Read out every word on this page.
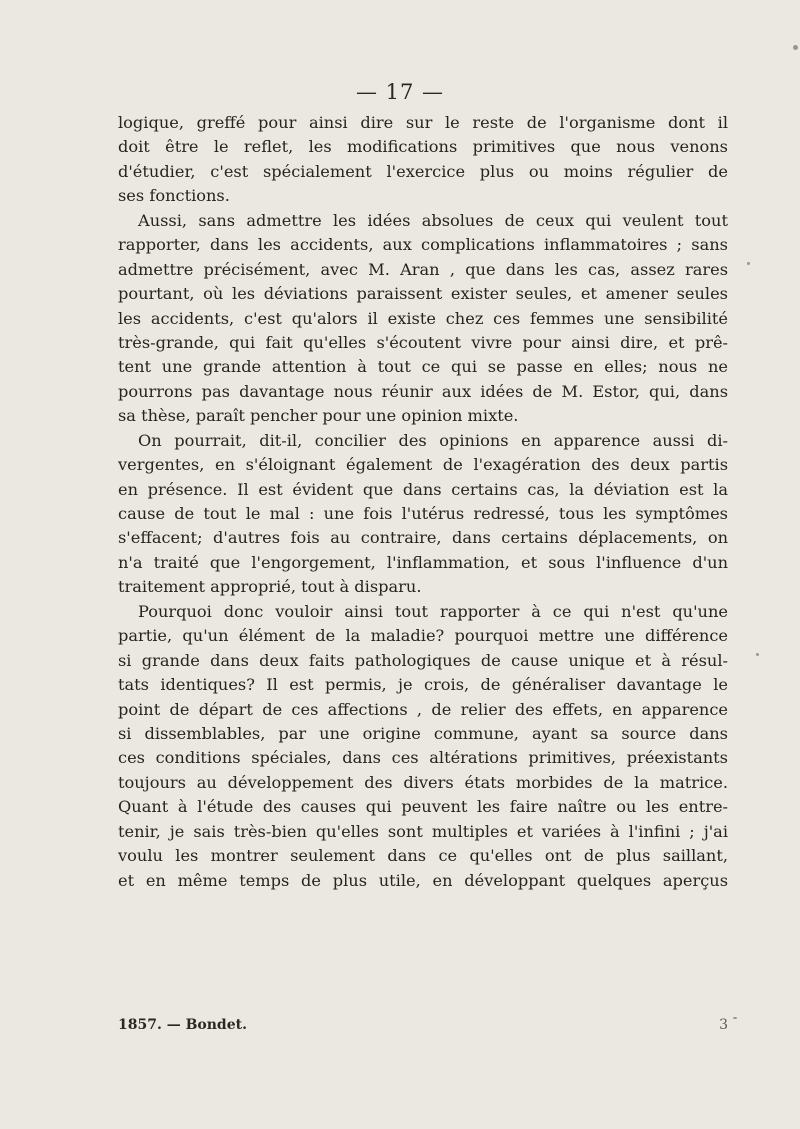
— 17 —
logique, greffé pour ainsi dire sur le reste de l'organisme dont il
doit être le reflet, les modifications primitives que nous venons
d'étudier, c'est spécialement l'exercice plus ou moins régulier de
ses fonctions.
Aussi, sans admettre les idées absolues de ceux qui veulent tout
rapporter, dans les accidents, aux complications inflammatoires ; sans
admettre précisément, avec M. Aran , que dans les cas, assez rares
pourtant, où les déviations paraissent exister seules, et amener seules
les accidents, c'est qu'alors il existe chez ces femmes une sensibilité
très-grande, qui fait qu'elles s'écoutent vivre pour ainsi dire, et prê-
tent une grande attention à tout ce qui se passe en elles; nous ne
pourrons pas davantage nous réunir aux idées de M. Estor, qui, dans
sa thèse, paraît pencher pour une opinion mixte.
On pourrait, dit-il, concilier des opinions en apparence aussi di-
vergentes, en s'éloignant également de l'exagération des deux partis
en présence. Il est évident que dans certains cas, la déviation est la
cause de tout le mal : une fois l'utérus redressé, tous les symptômes
s'effacent; d'autres fois au contraire, dans certains déplacements, on
n'a traité que l'engorgement, l'inflammation, et sous l'influence d'un
traitement approprié, tout à disparu.
Pourquoi donc vouloir ainsi tout rapporter à ce qui n'est qu'une
partie, qu'un élément de la maladie? pourquoi mettre une différence
si grande dans deux faits pathologiques de cause unique et à résul-
tats identiques? Il est permis, je crois, de généraliser davantage le
point de départ de ces affections , de relier des effets, en apparence
si dissemblables, par une origine commune, ayant sa source dans
ces conditions spéciales, dans ces altérations primitives, préexistants
toujours au développement des divers états morbides de la matrice.
Quant à l'étude des causes qui peuvent les faire naître ou les entre-
tenir, je sais très-bien qu'elles sont multiples et variées à l'infini ; j'ai
voulu les montrer seulement dans ce qu'elles ont de plus saillant,
et en même temps de plus utile, en développant quelques aperçus
1857. — Bondet.	3
